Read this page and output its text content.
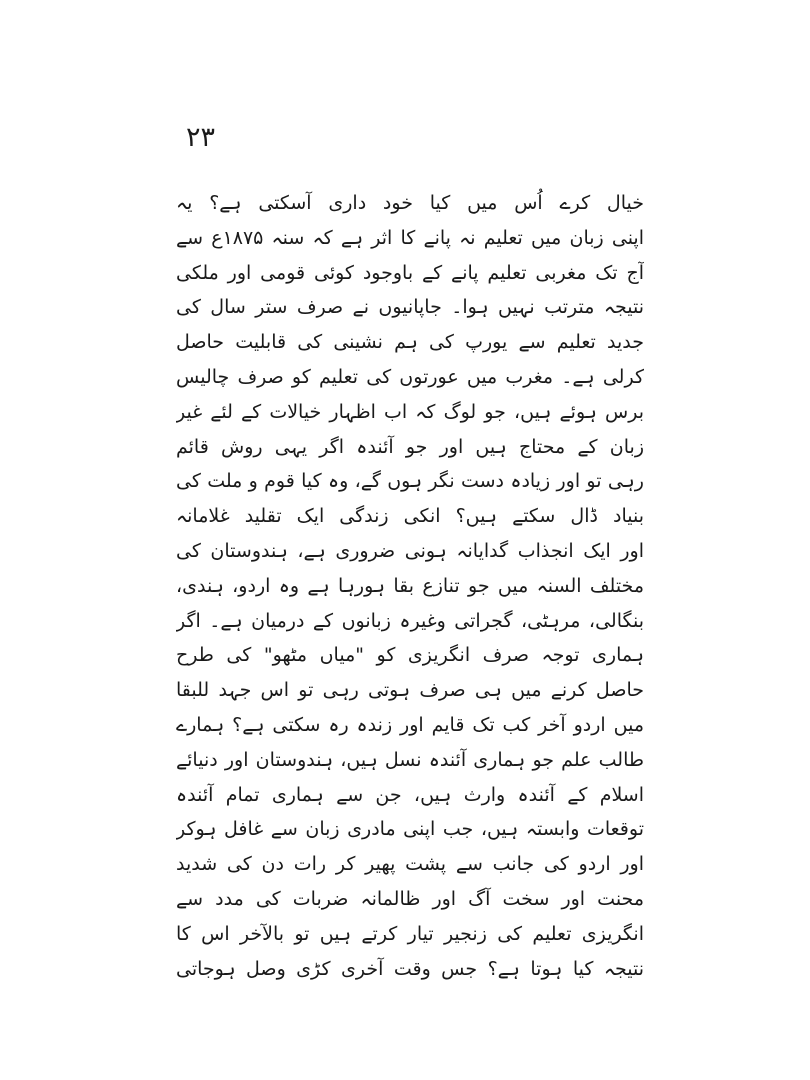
٢٣
خیال کرے اُس میں کیا خود داری آسکتی ہے؟ یہ
اپنی زبان میں تعلیم نہ پانے کا اثر ہے کہ سنہ ۱۸۷۵ع سے
آج تک مغربی تعلیم پانے کے باوجود کوئی قومی اور ملکی
نتیجہ مترتب نہیں ہوا۔ جاپانیوں نے صرف ستر سال کی
جدید تعلیم سے یورپ کی ہم نشینی کی قابلیت حاصل
کرلی ہے۔ مغرب میں عورتوں کی تعلیم کو صرف چالیس
برس ہوئے ہیں، جو لوگ کہ اب اظہار خیالات کے لئے غیر
زبان کے محتاج ہیں اور جو آئندہ اگر یہی روش قائم
رہی تو اور زیادہ دست نگر ہوں گے، وہ کیا قوم و ملت کی
بنیاد ڈال سکتے ہیں؟ انکی زندگی ایک تقلید غلامانہ
اور ایک انجذاب گدایانہ ہونی ضروری ہے، ہندوستان کی
مختلف السنہ میں جو تنازع بقا ہورہا ہے وہ اردو، ہندی،
بنگالی، مرہٹی، گجراتی وغیرہ زبانوں کے درمیان ہے۔ اگر
ہماری توجہ صرف انگریزی کو "میاں مٹھو" کی طرح
حاصل کرنے میں ہی صرف ہوتی رہی تو اس جہد للبقا
میں اردو آخر کب تک قایم اور زندہ رہ سکتی ہے؟ ہمارے
طالب علم جو ہماری آئندہ نسل ہیں، ہندوستان اور دنیائے
اسلام کے آئندہ وارث ہیں، جن سے ہماری تمام آئندہ
توقعات وابستہ ہیں، جب اپنی مادری زبان سے غافل ہوکر
اور اردو کی جانب سے پشت پھیر کر رات دن کی شدید
محنت اور سخت آگ اور ظالمانہ ضربات کی مدد سے
انگریزی تعلیم کی زنجیر تیار کرتے ہیں تو بالآخر اس کا
نتیجہ کیا ہوتا ہے؟ جس وقت آخری کڑی وصل ہوجاتی
